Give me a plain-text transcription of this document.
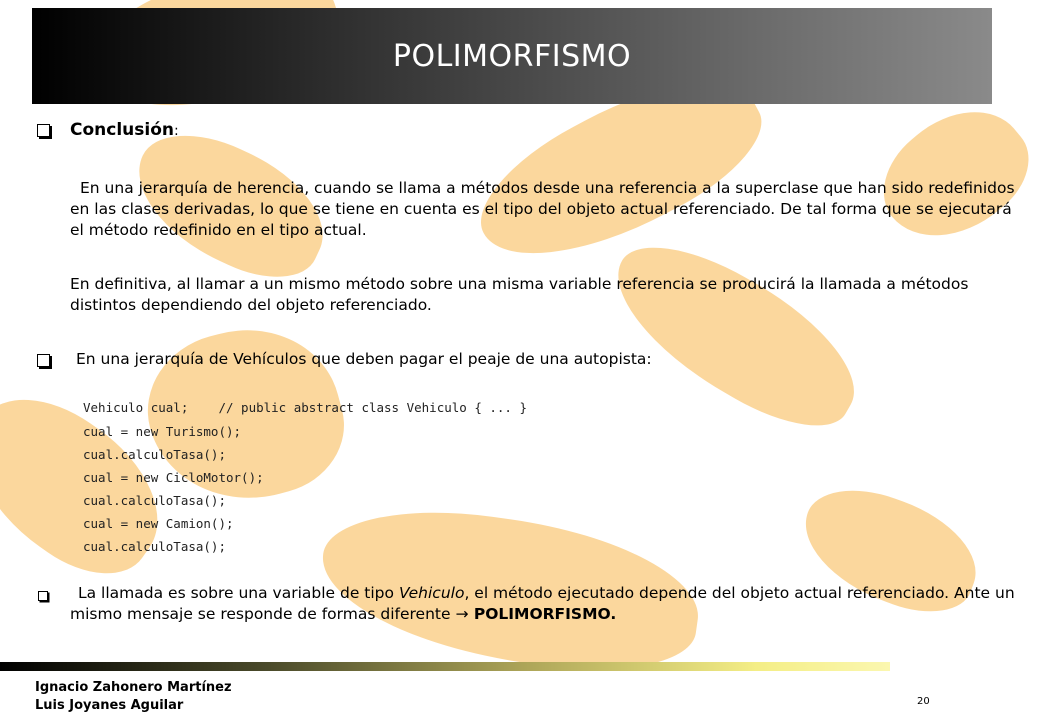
POLIMORFISMO
Conclusión:
En una jerarquía de herencia, cuando se llama a métodos desde una referencia a la superclase que han sido redefinidos en las clases derivadas, lo que se tiene en cuenta es el tipo del objeto actual referenciado. De tal forma que se ejecutará el método redefinido en el tipo actual.
En definitiva, al llamar a un mismo método sobre una misma variable referencia se producirá la llamada a métodos distintos dependiendo del objeto referenciado.
En una jerarquía de Vehículos que deben pagar el peaje de una autopista:
Vehiculo cual;    // public abstract class Vehiculo { ... }
cual = new Turismo();
cual.calculoTasa();
cual = new CicloMotor();
cual.calculoTasa();
cual = new Camion();
cual.calculoTasa();
La llamada es sobre una variable de tipo Vehiculo, el método ejecutado depende del objeto actual referenciado. Ante un mismo mensaje se responde de formas diferente → POLIMORFISMO.
Ignacio Zahonero Martínez
Luis Joyanes Aguilar	20
